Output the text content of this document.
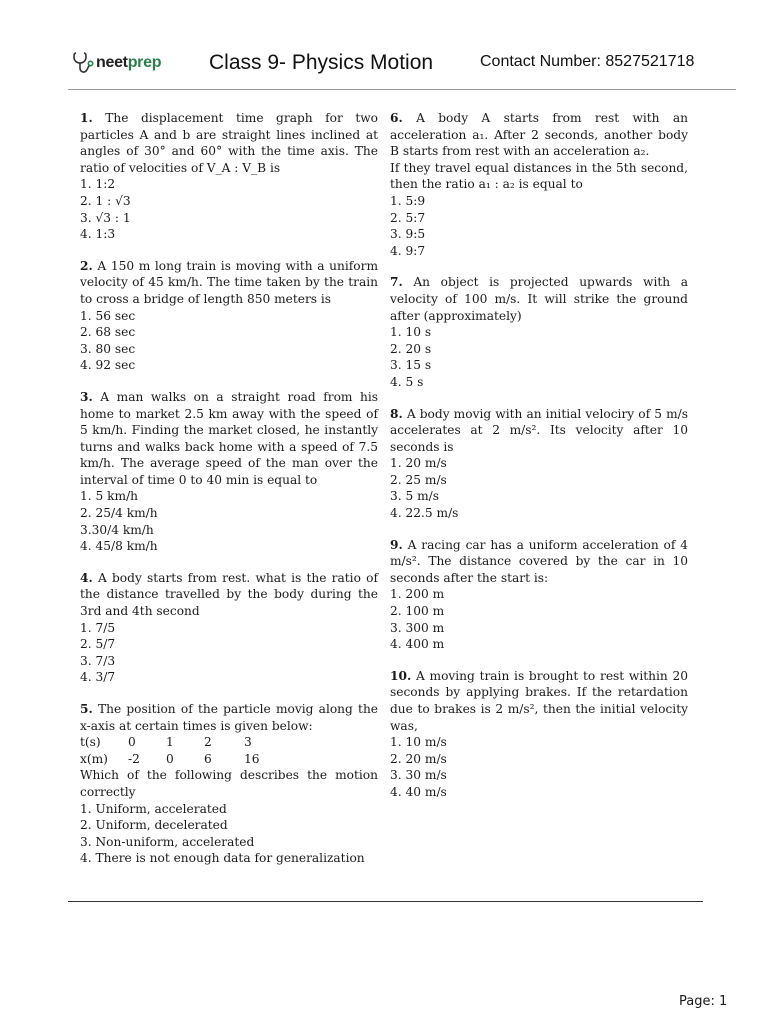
neetprep Class 9- Physics Motion	Contact Number: 8527521718
1. The displacement time graph for two particles A and b are straight lines inclined at angles of 30° and 60° with the time axis. The ratio of velocities of V_A : V_B is
1. 1:2
2. 1 : √3
3. √3 : 1
4. 1:3
2. A 150 m long train is moving with a uniform velocity of 45 km/h. The time taken by the train to cross a bridge of length 850 meters is
1. 56 sec
2. 68 sec
3. 80 sec
4. 92 sec
3. A man walks on a straight road from his home to market 2.5 km away with the speed of 5 km/h. Finding the market closed, he instantly turns and walks back home with a speed of 7.5 km/h. The average speed of the man over the interval of time 0 to 40 min is equal to
1. 5 km/h
2. 25/4 km/h
3.30/4 km/h
4. 45/8 km/h
4. A body starts from rest. what is the ratio of the distance travelled by the body during the 3rd and 4th second
1. 7/5
2. 5/7
3. 7/3
4. 3/7
5. The position of the particle movig along the x-axis at certain times is given below:
t(s)	0	1	2	3
x(m)	-2	0	6	16
Which of the following describes the motion correctly
1. Uniform, accelerated
2. Uniform, decelerated
3. Non-uniform, accelerated
4. There is not enough data for generalization
6. A body A starts from rest with an acceleration a₁. After 2 seconds, another body B starts from rest with an acceleration a₂.
If they travel equal distances in the 5th second, then the ratio a₁ : a₂ is equal to
1. 5:9
2. 5:7
3. 9:5
4. 9:7
7. An object is projected upwards with a velocity of 100 m/s. It will strike the ground after (approximately)
1. 10 s
2. 20 s
3. 15 s
4. 5 s
8. A body movig with an initial velociry of 5 m/s accelerates at 2 m/s². Its velocity after 10 seconds is
1. 20 m/s
2. 25 m/s
3. 5 m/s
4. 22.5 m/s
9. A racing car has a uniform acceleration of 4 m/s². The distance covered by the car in 10 seconds after the start is:
1. 200 m
2. 100 m
3. 300 m
4. 400 m
10. A moving train is brought to rest within 20 seconds by applying brakes. If the retardation due to brakes is 2 m/s², then the initial velocity was,
1. 10 m/s
2. 20 m/s
3. 30 m/s
4. 40 m/s
Page: 1
